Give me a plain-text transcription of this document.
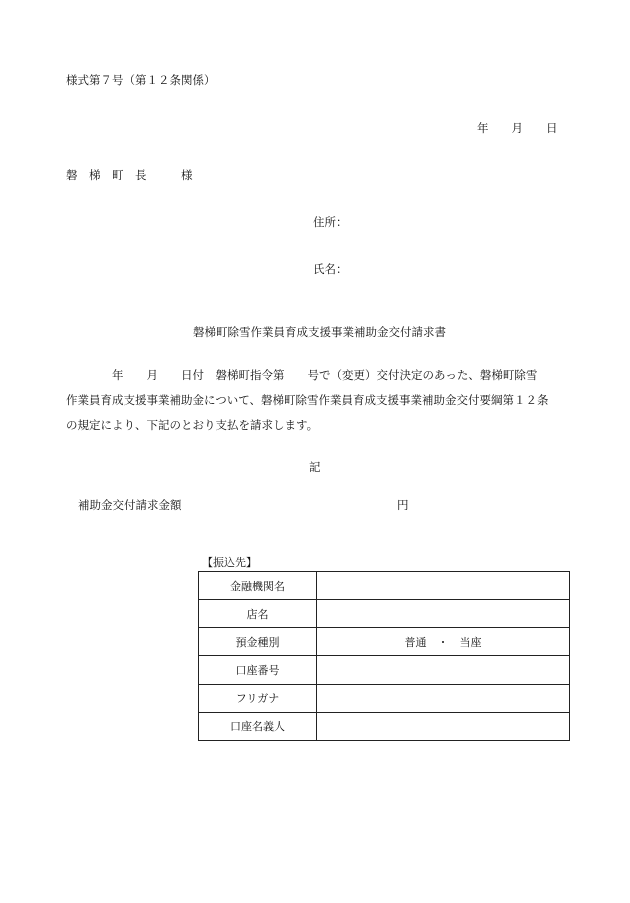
様式第７号（第１２条関係）
年　　月　　日
磐　梯　町　長　　　様
住所：
氏名：
磐梯町除雪作業員育成支援事業補助金交付請求書
　　　　年　　月　　日付　磐梯町指令第　　号で（変更）交付決定のあった、磐梯町除雪
作業員育成支援事業補助金について、磐梯町除雪作業員育成支援事業補助金交付要綱第１２条
の規定により、下記のとおり支払を請求します。
記
補助金交付請求金額	円
【振込先】
金融機関名	
店名	
預金種別	普通　・　当座
口座番号	
フリガナ	
口座名義人	
